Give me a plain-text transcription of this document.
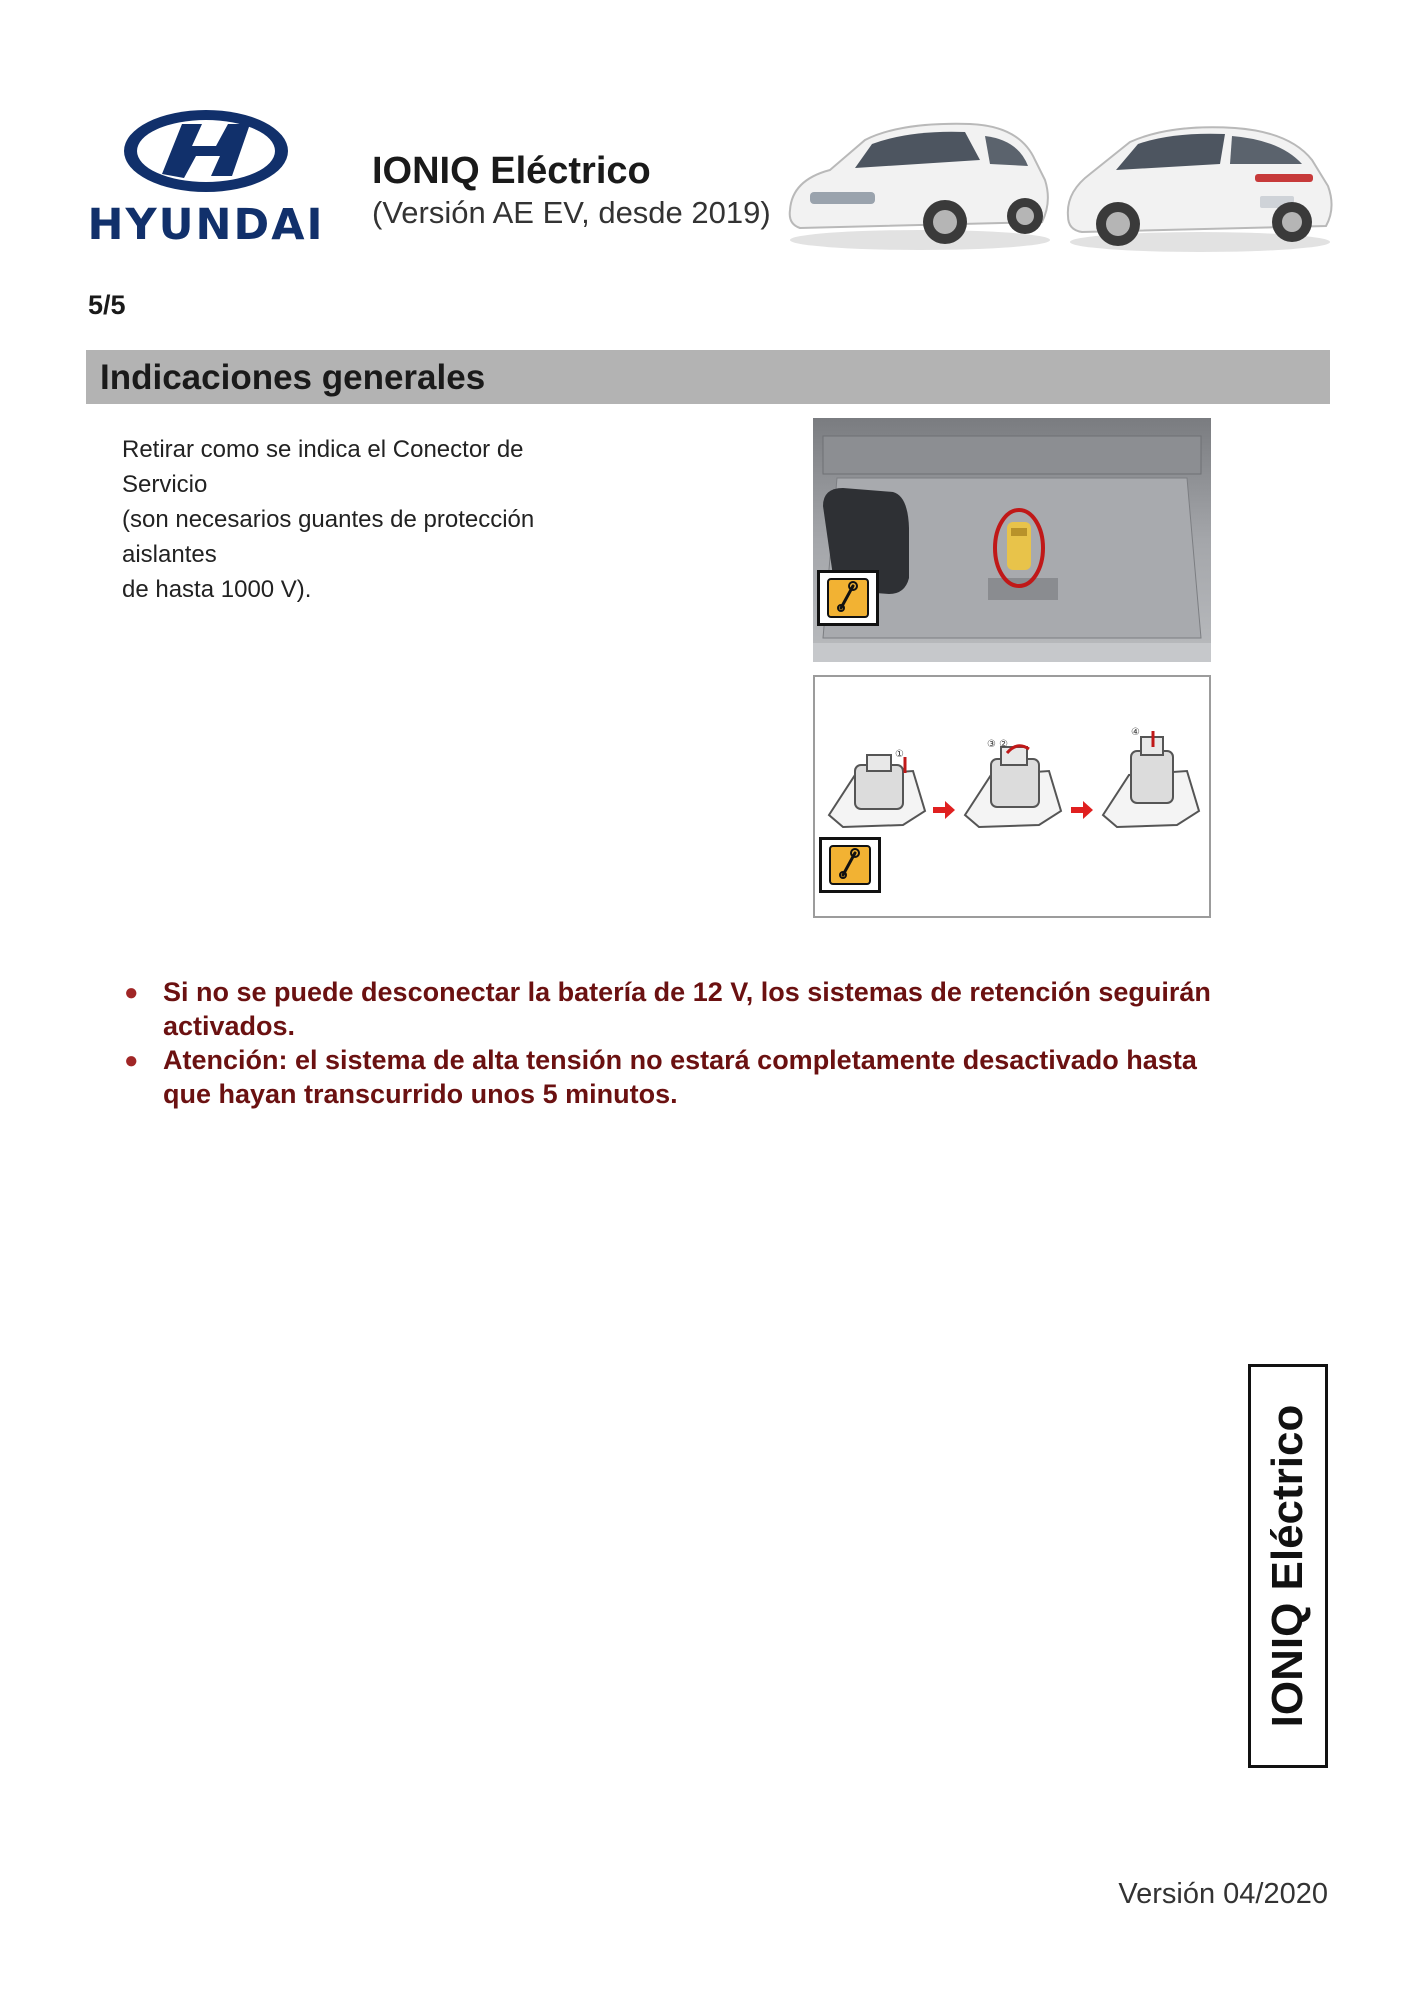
HYUNDAI
IONIQ Eléctrico
(Versión AE EV, desde 2019)
5/5
Indicaciones generales
Retirar como se indica el Conector de Servicio
(son necesarios guantes de protección aislantes
de hasta 1000 V).
①
③ ②
④
● Si no se puede desconectar la batería de 12 V, los sistemas de retención seguirán activados.
● Atención: el sistema de alta tensión no estará completamente desactivado hasta que hayan transcurrido unos 5 minutos.
IONIQ Eléctrico
Versión 04/2020
